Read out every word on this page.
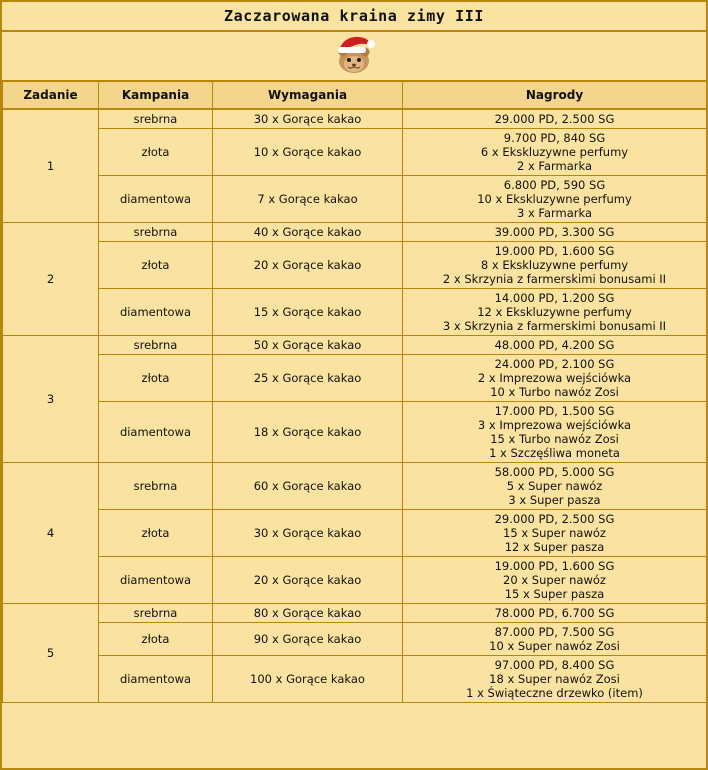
Zaczarowana kraina zimy III
Zadanie	Kampania	Wymagania	Nagrody
1	srebrna	30 x Gorące kakao	29.000 PD, 2.500 SG

	złota	10 x Gorące kakao	9.700 PD, 840 SG
6 x Ekskluzywne perfumy
2 x Farmarka

	diamentowa	7 x Gorące kakao	6.800 PD, 590 SG
10 x Ekskluzywne perfumy
3 x Farmarka

2	srebrna	40 x Gorące kakao	39.000 PD, 3.300 SG

	złota	20 x Gorące kakao	19.000 PD, 1.600 SG
8 x Ekskluzywne perfumy
2 x Skrzynia z farmerskimi bonusami II

	diamentowa	15 x Gorące kakao	14.000 PD, 1.200 SG
12 x Ekskluzywne perfumy
3 x Skrzynia z farmerskimi bonusami II

3	srebrna	50 x Gorące kakao	48.000 PD, 4.200 SG

	złota	25 x Gorące kakao	24.000 PD, 2.100 SG
2 x Imprezowa wejściówka
10 x Turbo nawóz Zosi

	diamentowa	18 x Gorące kakao	17.000 PD, 1.500 SG
3 x Imprezowa wejściówka
15 x Turbo nawóz Zosi
1 x Szczęśliwa moneta

4	srebrna	60 x Gorące kakao	58.000 PD, 5.000 SG
5 x Super nawóz
3 x Super pasza

	złota	30 x Gorące kakao	29.000 PD, 2.500 SG
15 x Super nawóz
12 x Super pasza

	diamentowa	20 x Gorące kakao	19.000 PD, 1.600 SG
20 x Super nawóz
15 x Super pasza

5	srebrna	80 x Gorące kakao	78.000 PD, 6.700 SG

	złota	90 x Gorące kakao	87.000 PD, 7.500 SG
10 x Super nawóz Zosi

	diamentowa	100 x Gorące kakao	97.000 PD, 8.400 SG
18 x Super nawóz Zosi
1 x Świąteczne drzewko (item)
